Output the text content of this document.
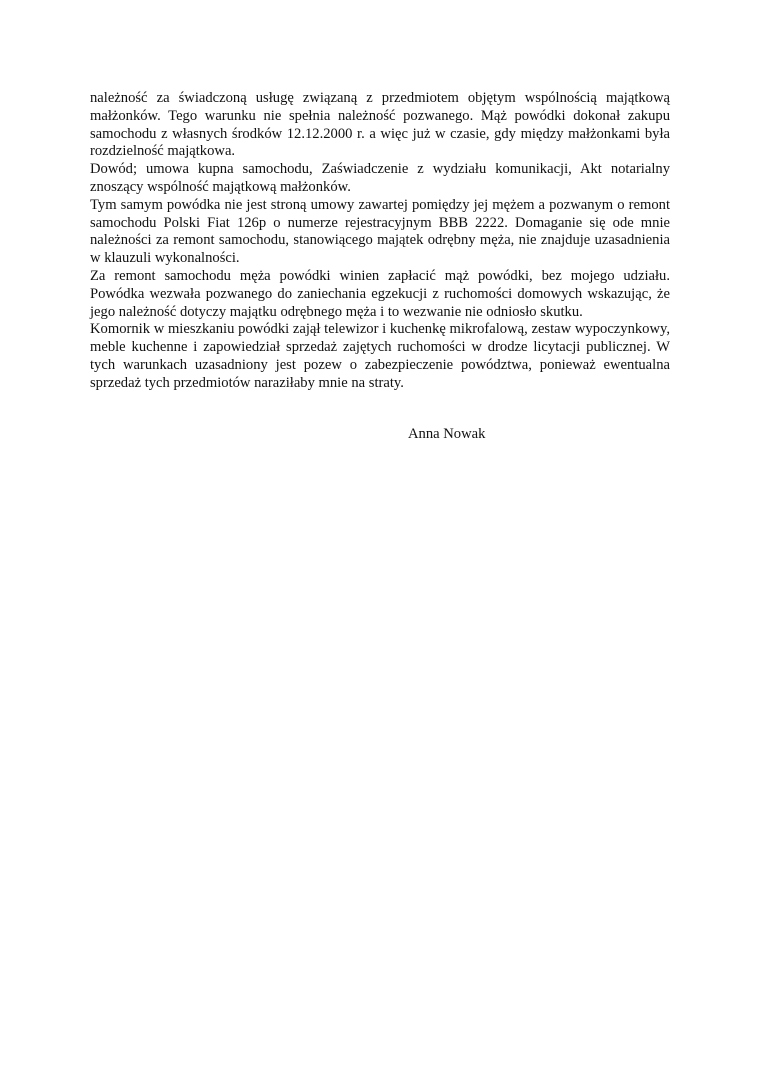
należność za świadczoną usługę związaną z przedmiotem objętym wspólnością majątkową małżonków. Tego warunku nie spełnia należność pozwanego. Mąż powódki dokonał zakupu samochodu z własnych środków 12.12.2000 r. a więc już w czasie, gdy między małżonkami była rozdzielność majątkowa.

Dowód; umowa kupna samochodu, Zaświadczenie z wydziału komunikacji, Akt notarialny znoszący wspólność majątkową małżonków.

Tym samym powódka nie jest stroną umowy zawartej pomiędzy jej mężem a pozwanym o remont samochodu Polski Fiat 126p o numerze rejestracyjnym BBB 2222. Domaganie się ode mnie należności za remont samochodu, stanowiącego majątek odrębny męża, nie znajduje uzasadnienia w klauzuli wykonalności.

Za remont samochodu męża powódki winien zapłacić mąż powódki, bez mojego udziału. Powódka wezwała pozwanego do zaniechania egzekucji z ruchomości domowych wskazując, że jego należność dotyczy majątku odrębnego męża i to wezwanie nie odniosło skutku.

Komornik w mieszkaniu powódki zajął telewizor i kuchenkę mikrofalową, zestaw wypoczynkowy, meble kuchenne i zapowiedział sprzedaż zajętych ruchomości w drodze licytacji publicznej. W tych warunkach uzasadniony jest pozew o zabezpieczenie powództwa, ponieważ ewentualna sprzedaż tych przedmiotów naraziłaby mnie na straty.

Anna Nowak
